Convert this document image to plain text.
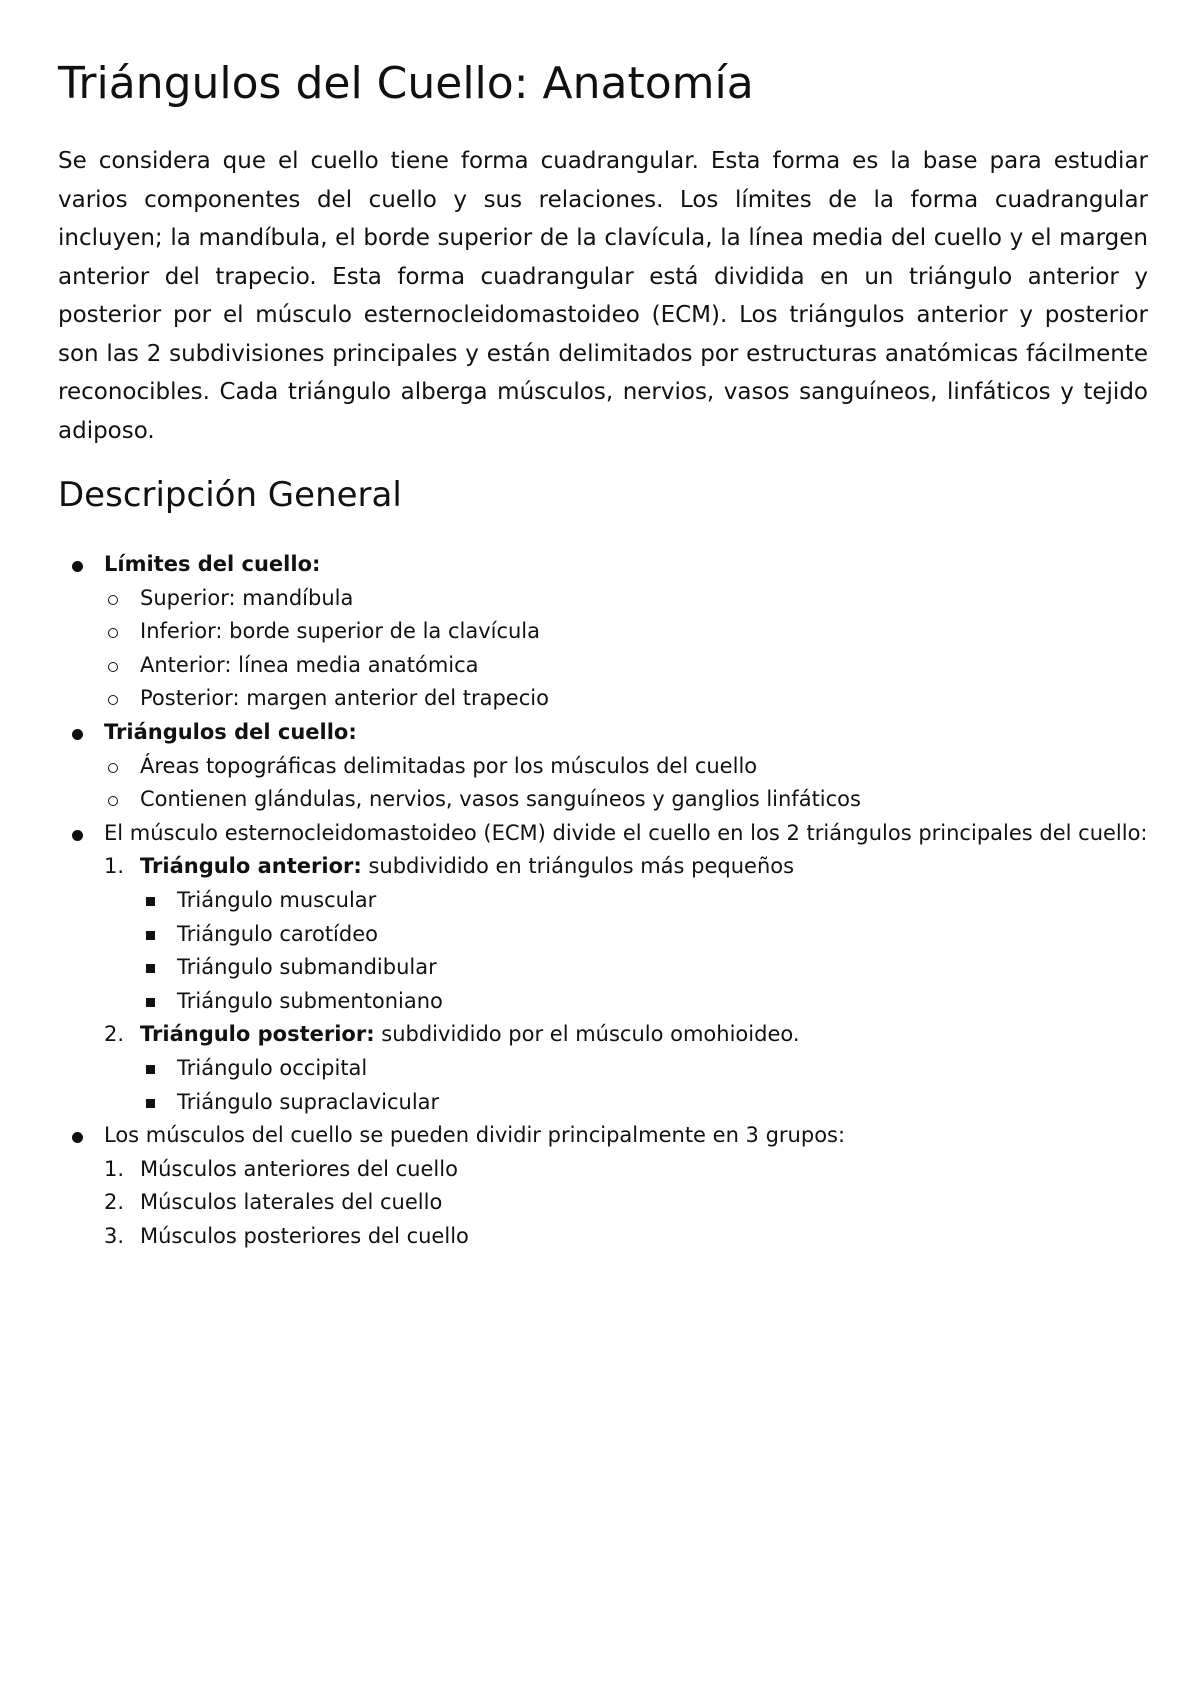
Triángulos del Cuello: Anatomía

Se considera que el cuello tiene forma cuadrangular. Esta forma es la base para estudiar varios componentes del cuello y sus relaciones. Los límites de la forma cuadrangular incluyen; la mandíbula, el borde superior de la clavícula, la línea media del cuello y el margen anterior del trapecio. Esta forma cuadrangular está dividida en un triángulo anterior y posterior por el músculo esternocleidomastoideo (ECM). Los triángulos anterior y posterior son las 2 subdivisiones principales y están delimitados por estructuras anatómicas fácilmente reconocibles. Cada triángulo alberga músculos, nervios, vasos sanguíneos, linfáticos y tejido adiposo.

Descripción General
Límites del cuello:
Superior: mandíbula
Inferior: borde superior de la clavícula
Anterior: línea media anatómica
Posterior: margen anterior del trapecio
Triángulos del cuello:
Áreas topográficas delimitadas por los músculos del cuello
Contienen glándulas, nervios, vasos sanguíneos y ganglios linfáticos
El músculo esternocleidomastoideo (ECM) divide el cuello en los 2 triángulos principales del cuello:
1. Triángulo anterior: subdividido en triángulos más pequeños
Triángulo muscular
Triángulo carotídeo
Triángulo submandibular
Triángulo submentoniano
2. Triángulo posterior: subdividido por el músculo omohioideo.
Triángulo occipital
Triángulo supraclavicular
Los músculos del cuello se pueden dividir principalmente en 3 grupos:
1. Músculos anteriores del cuello
2. Músculos laterales del cuello
3. Músculos posteriores del cuello
